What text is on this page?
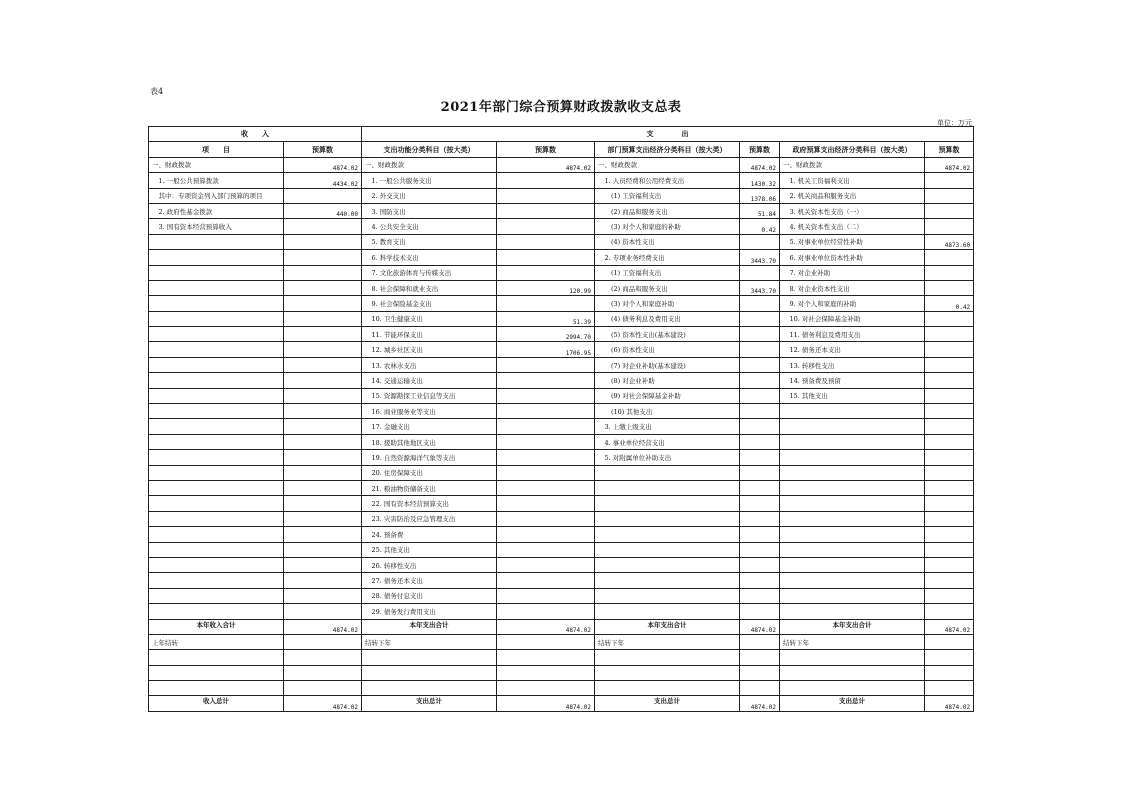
表4
2021年部门综合预算财政拨款收支总表
单位：万元
收　　入		支　　　　出					
项　　目	预算数	支出功能分类科目（按大类）	预算数	部门预算支出经济分类科目（按大类）	预算数	政府预算支出经济分类科目（按大类）	预算数
一、财政拨款	4874.02	一、财政拨款	4874.02	一、财政拨款	4874.02	一、财政拨款	4874.02
　1. 一般公共预算拨款	4434.02	　1. 一般公共服务支出		　1. 人员经费和公用经费支出	1430.32	　1. 机关工资福利支出	
　其中：专项资金列入部门预算的项目		　2. 外交支出		　　(1) 工资福利支出	1378.06	　2. 机关商品和服务支出	
　2. 政府性基金拨款	440.00	　3. 国防支出		　　(2) 商品和服务支出	51.84	　3. 机关资本性支出（一）	
　3. 国有资本经营预算收入		　4. 公共安全支出		　　(3) 对个人和家庭的补助	0.42	　4. 机关资本性支出（二）	
		　5. 教育支出		　　(4) 资本性支出		　5. 对事业单位经常性补助	4873.60
		　6. 科学技术支出		　2. 专项业务经费支出	3443.70	　6. 对事业单位资本性补助	
		　7. 文化旅游体育与传媒支出		　　(1) 工资福利支出		　7. 对企业补助	
		　8. 社会保障和就业支出	120.99	　　(2) 商品和服务支出	3443.70	　8. 对企业资本性支出	
		　9. 社会保险基金支出		　　(3) 对个人和家庭补助		　9. 对个人和家庭的补助	0.42
		　10. 卫生健康支出	51.39	　　(4) 债务利息及费用支出		　10. 对社会保障基金补助	
		　11. 节能环保支出	2994.70	　　(5) 资本性支出(基本建设)		　11. 债务利息及费用支出	
		　12. 城乡社区支出	1706.95	　　(6) 资本性支出		　12. 债务还本支出	
		　13. 农林水支出		　　(7) 对企业补助(基本建设)		　13. 转移性支出	
		　14. 交通运输支出		　　(8) 对企业补助		　14. 预备费及预留	
		　15. 资源勘探工业信息等支出		　　(9) 对社会保障基金补助		　15. 其他支出	
		　16. 商业服务业等支出		　　(10) 其他支出			
		　17. 金融支出		　3. 上缴上级支出			
		　18. 援助其他地区支出		　4. 事业单位经营支出			
		　19. 自然资源海洋气象等支出		　5. 对附属单位补助支出			
		　20. 住房保障支出					
		　21. 粮油物资储备支出					
		　22. 国有资本经营预算支出					
		　23. 灾害防治及应急管理支出					
		　24. 预备费					
		　25. 其他支出					
		　26. 转移性支出					
		　27. 债务还本支出					
		　28. 债务付息支出					
		　29. 债务发行费用支出					
本年收入合计	4874.02	本年支出合计	4874.02	本年支出合计	4874.02	本年支出合计	4874.02
上年结转		结转下年		结转下年		结转下年	

收入总计	4874.02	支出总计	4874.02	支出总计	4874.02	支出总计	4874.02
